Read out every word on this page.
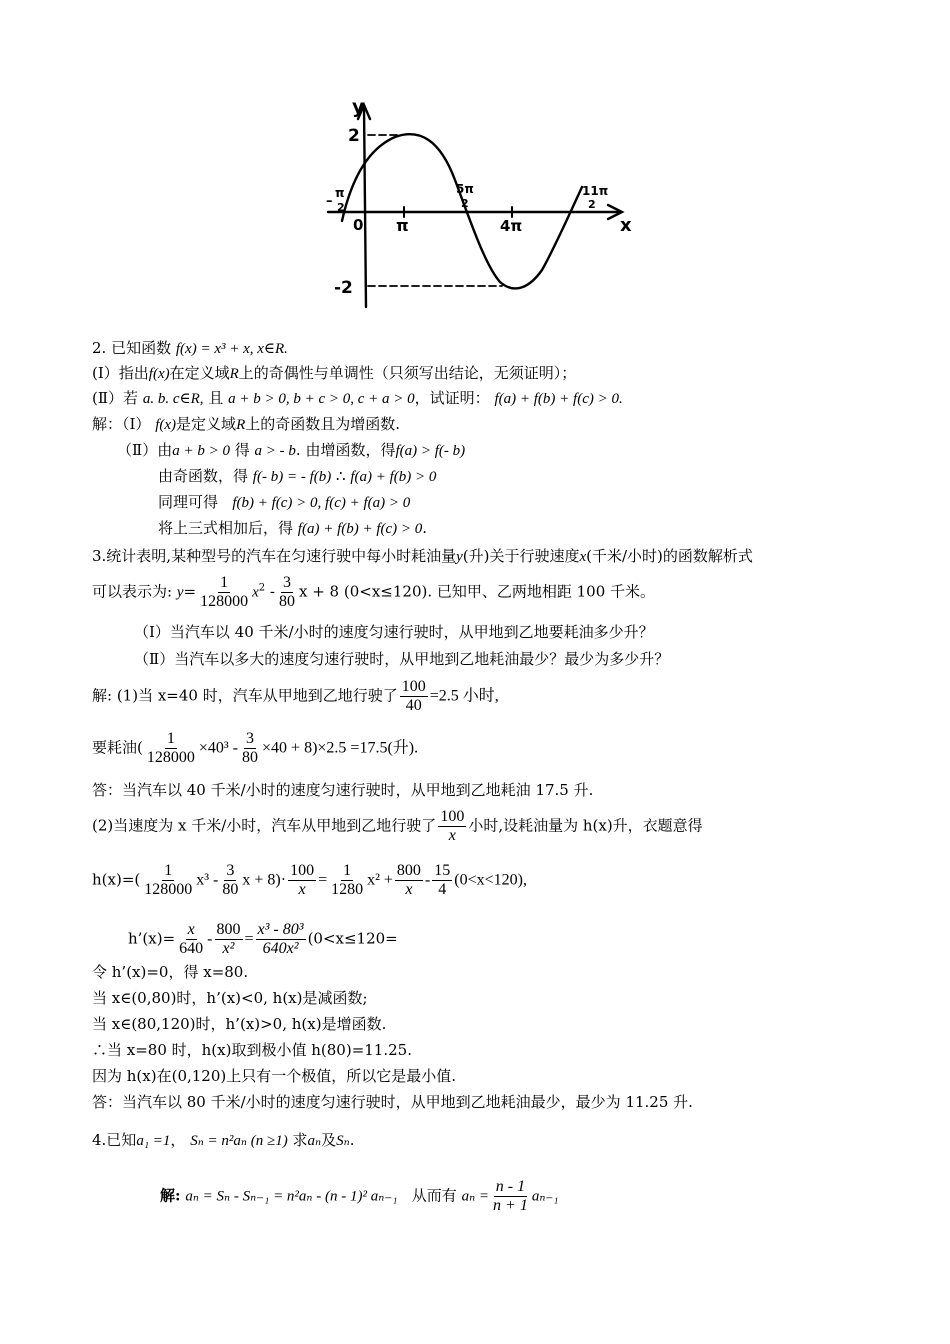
y
x
2
-2
0 π	4π
–
π
2
5π
2
11π
2
2. 已知函数 f(x) = x³ + x, x∈R.
(Ⅰ）指出f(x)在定义域R上的奇偶性与单调性（只须写出结论，无须证明）；
(Ⅱ）若 a. b. c∈R, 且 a + b > 0, b + c > 0, c + a > 0，试证明： f(a) + f(b) + f(c) > 0.
解：（Ⅰ） f(x)是定义域R上的奇函数且为增函数.
（Ⅱ）由a + b > 0 得 a > - b. 由增函数，得f(a) > f(- b)
由奇函数，得 f(- b) = - f(b) ∴ f(a) + f(b) > 0
同理可得 f(b) + f(c) > 0, f(c) + f(a) > 0
将上三式相加后，得 f(a) + f(b) + f(c) > 0.
3.统计表明,某种型号的汽车在匀速行驶中每小时耗油量y(升)关于行驶速度x(千米/小时)的函数解析式
可以表示为: $y= \frac{1}{128000} x^2 - \frac{3}{80}$ x + 8 (0<x≤120). 已知甲、乙两地相距 100 千米。
（Ⅰ）当汽车以 40 千米/小时的速度匀速行驶时，从甲地到乙地要耗油多少升？
（Ⅱ）当汽车以多大的速度匀速行驶时，从甲地到乙地耗油最少？最少为多少升？
解: (1)当 x=40 时，汽车从甲地到乙地行驶了 $\frac{100}{40} =2.5$ 小时,
要耗油( $\frac{1}{128000} \times 40^3 - \frac{3}{80} \times 40 + 8)\times 2.5 =17.5$(升).
答：当汽车以 40 千米/小时的速度匀速行驶时，从甲地到乙地耗油 17.5 升.
(2)当速度为 x 千米/小时，汽车从甲地到乙地行驶了 $\frac{100}{x}$ 小时,设耗油量为 h(x)升，衣题意得
$h(x)=( \frac{1}{128000} x^3 - \frac{3}{80}$ $x + 8)\cdot \frac{100}{x} = \frac{1}{1280} x^2 + \frac{800}{x} - \frac{15}{4} (0<x<120)$,
h’(x)= $\frac{x}{640} - \frac{800}{\text{x²}} = \frac{\text{x³ - 80³}}{\text{640x²}} (0<x\le 120=$
令 h’(x)=0，得 x=80.
当 x∈(0,80)时，h’(x)<0, h(x)是减函数;
当 x∈(80,120)时，h’(x)>0, h(x)是增函数.
∴当 x=80 时，h(x)取到极小值 h(80)=11.25.
因为 h(x)在(0,120)上只有一个极值，所以它是最小值.
答：当汽车以 80 千米/小时的速度匀速行驶时，从甲地到乙地耗油最少，最少为 11.25 升.
4.已知a₁ =1， Sₙ = n²aₙ (n ≥1) 求aₙ及Sₙ.
解: aₙ = Sₙ - Sₙ₋₁ = n²aₙ - (n - 1)² aₙ₋₁ 从而有 $a_n = \frac{n - 1}{n + 1} a_{n-1}$
